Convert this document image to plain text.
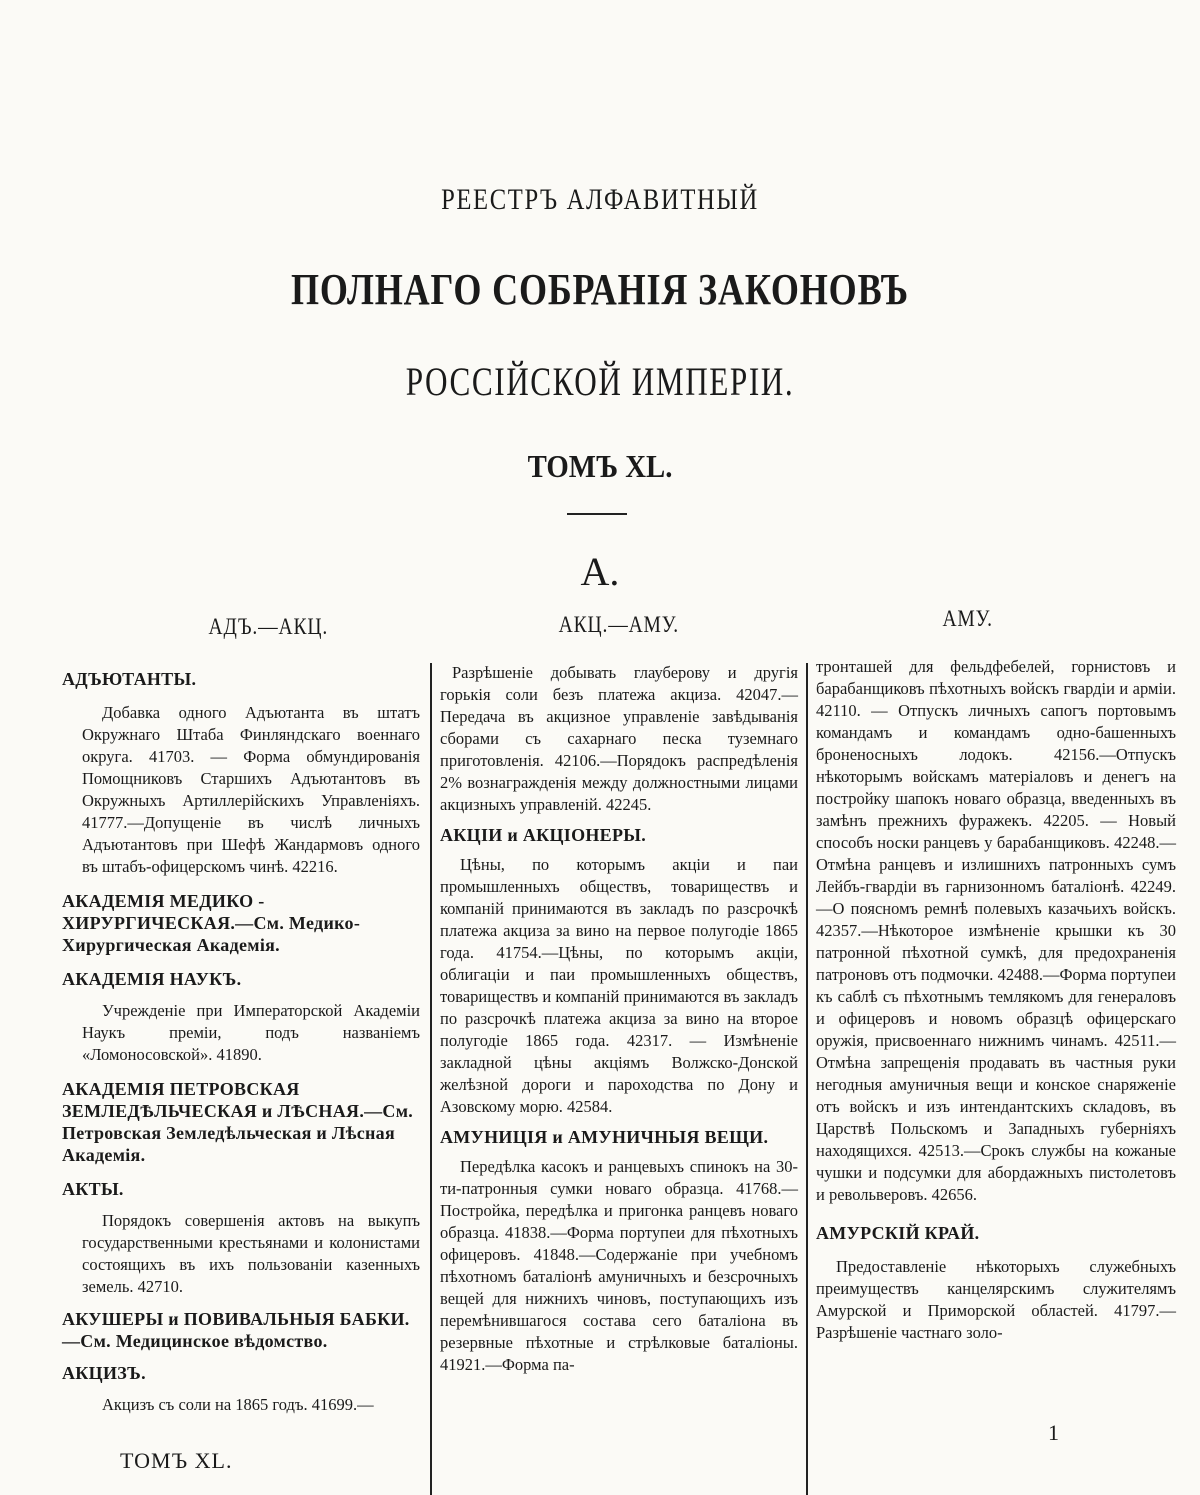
РЕЕСТРЪ АЛФАВИТНЫЙ
ПОЛНАГО СОБРАНІЯ ЗАКОНОВЪ
РОССІЙСКОЙ ИМПЕРІИ.
ТОМЪ XL.
А.
АДЪ.—АКЦ.	АКЦ.—АМУ.	АМУ.
АДЪЮТАНТЫ.

Добавка одного Адъютанта въ штатъ Окружнаго Штаба Финляндскаго военнаго округа. 41703. — Форма обмундированія Помощниковъ Старшихъ Адъютантовъ въ Окружныхъ Артиллерійскихъ Управленіяхъ. 41777.—Допущеніе въ числѣ личныхъ Адъютантовъ при Шефѣ Жандармовъ одного въ штабъ-офицерскомъ чинѣ. 42216.

АКАДЕМІЯ МЕДИКО - ХИРУРГИЧЕСКАЯ.—См. Медико-Хирургическая Академія.
АКАДЕМІЯ НАУКЪ.

Учрежденіе при Императорской Академіи Наукъ преміи, подъ названіемъ «Ломоносовской». 41890.

АКАДЕМІЯ ПЕТРОВСКАЯ ЗЕМЛЕДѢЛЬЧЕСКАЯ и ЛѢСНАЯ.—См. Петровская Земледѣльческая и Лѣсная Академія.
АКТЫ.

Порядокъ совершенія актовъ на выкупъ государственными крестьянами и колонистами состоящихъ въ ихъ пользованіи казенныхъ земель. 42710.

АКУШЕРЫ и ПОВИВАЛЬНЫЯ БАБКИ.—См. Медицинское вѣдомство.
АКЦИЗЪ.

Акцизъ съ соли на 1865 годъ. 41699.—

Разрѣшеніе добывать глауберову и другія горькія соли безъ платежа акциза. 42047.—Передача въ акцизное управленіе завѣдыванія сборами съ сахарнаго песка туземнаго приготовленія. 42106.—Порядокъ распредѣленія 2% вознагражденія между должностными лицами акцизныхъ управленій. 42245.

АКЦІИ и АКЦІОНЕРЫ.

Цѣны, по которымъ акціи и паи промышленныхъ обществъ, товариществъ и компаній принимаются въ закладъ по разсрочкѣ платежа акциза за вино на первое полугодіе 1865 года. 41754.—Цѣны, по которымъ акціи, облигаціи и паи промышленныхъ обществъ, товариществъ и компаній принимаются въ закладъ по разсрочкѣ платежа акциза за вино на второе полугодіе 1865 года. 42317. — Измѣненіе закладной цѣны акціямъ Волжско-Донской желѣзной дороги и пароходства по Дону и Азовскому морю. 42584.

АМУНИЦІЯ и АМУНИЧНЫЯ ВЕЩИ.

Передѣлка касокъ и ранцевыхъ спинокъ на 30-ти-патронныя сумки новаго образца. 41768.—Постройка, передѣлка и пригонка ранцевъ новаго образца. 41838.—Форма портупеи для пѣхотныхъ офицеровъ. 41848.—Содержаніе при учебномъ пѣхотномъ баталіонѣ амуничныхъ и безсрочныхъ вещей для нижнихъ чиновъ, поступающихъ изъ перемѣнившагося состава сего баталіона въ резервные пѣхотные и стрѣлковые баталіоны. 41921.—Форма па-

тронташей для фельдфебелей, горнистовъ и барабанщиковъ пѣхотныхъ войскъ гвардіи и арміи. 42110. — Отпускъ личныхъ сапогъ портовымъ командамъ и командамъ одно-башенныхъ броненосныхъ лодокъ. 42156.—Отпускъ нѣкоторымъ войскамъ матеріаловъ и денегъ на постройку шапокъ новаго образца, введенныхъ въ замѣнъ прежнихъ фуражекъ. 42205. — Новый способъ носки ранцевъ у барабанщиковъ. 42248.—Отмѣна ранцевъ и излишнихъ патронныхъ сумъ Лейбъ-гвардіи въ гарнизонномъ баталіонѣ. 42249.—О поясномъ ремнѣ полевыхъ казачьихъ войскъ. 42357.—Нѣкоторое измѣненіе крышки къ 30 патронной пѣхотной сумкѣ, для предохраненія патроновъ отъ подмочки. 42488.—Форма портупеи къ саблѣ съ пѣхотнымъ темлякомъ для генераловъ и офицеровъ и новомъ образцѣ офицерскаго оружія, присвоеннаго нижнимъ чинамъ. 42511.—Отмѣна запрещенія продавать въ частныя руки негодныя амуничныя вещи и конское снаряженіе отъ войскъ и изъ интендантскихъ складовъ, въ Царствѣ Польскомъ и Западныхъ губерніяхъ находящихся. 42513.—Срокъ службы на кожаные чушки и подсумки для абордажныхъ пистолетовъ и револьверовъ. 42656.

АМУРСКІЙ КРАЙ.

Предоставленіе нѣкоторыхъ служебныхъ преимуществъ канцелярскимъ служителямъ Амурской и Приморской областей. 41797.—Разрѣшеніе частнаго золо-

ТОМЪ XL.
1
